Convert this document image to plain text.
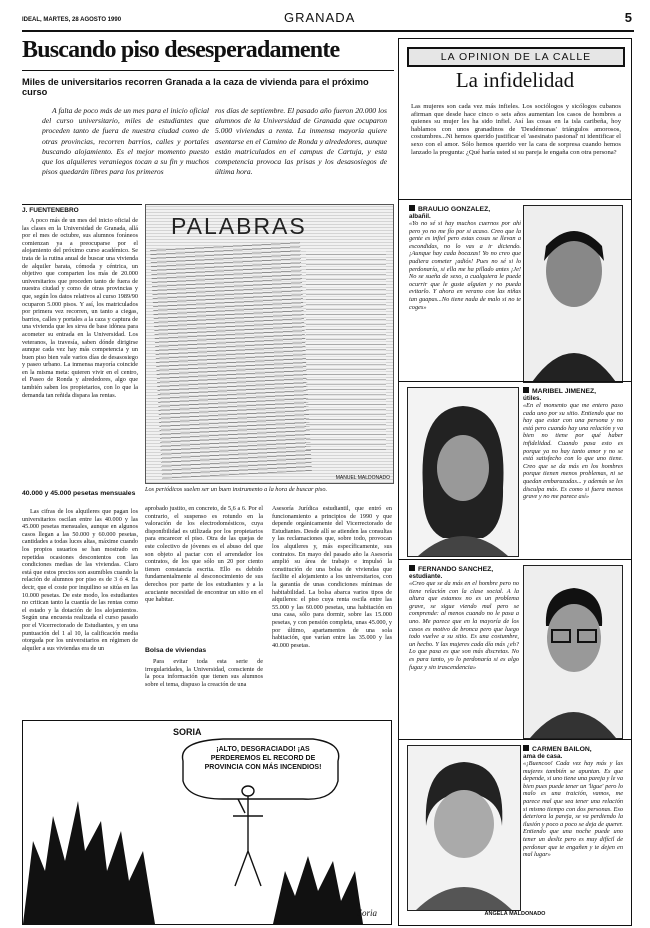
IDEAL, MARTES, 28 AGOSTO 1990	GRANADA	5
Buscando piso desesperadamente
Miles de universitarios recorren Granada a la caza de vivienda para el próximo curso
A falta de poco más de un mes para el inicio oficial del curso universitario, miles de estudiantes que proceden tanto de fuera de nuestra ciudad como de otras provincias, recorren barrios, calles y portales buscando alojamiento. Es el mejor momento puesto que los alquileres veraniegos tocan a su fin y muchos pisos quedarán libres para los primeros
ros días de septiembre. El pasado año fueron 20.000 los alumnos de la Universidad de Granada que ocuparon 5.000 viviendas a renta. La inmensa mayoría quiere asentarse en el Camino de Ronda y alrededores, aunque están matriculados en el campus de Cartuja, y esta competencia provoca las prisas y los desasosiegos de última hora.
J. FUENTENEBRO
A poco más de un mes del inicio oficial de las clases en la Universidad de Granada, allá por el mes de octubre, sus alumnos foráneos comienzan ya a preocuparse por el alojamiento del próximo curso académico. Se trata de la rutina anual de buscar una vivienda de alquiler barata, cómoda y céntrica, un objetivo que comparten los más de 20.000 universitarios que proceden tanto de fuera de nuestra ciudad y como de otras provincias y que, según los datos relativos al curso 1989/90 ocuparon 5.000 pisos. Y así, los matriculados por primera vez recorren, un tanto a ciegas, barrios, calles y portales a la caza y captura de una vivienda que les sirva de base idónea para acometer su entrada en la Universidad. Los veteranos, la travesía, saben dónde dirigirse aunque cada vez hay más competencia y un buen piso bien vale varios días de desasosiego y paseo urbano. La inmensa mayoría coincide en la misma meta: quieren vivir en el centro, el Paseo de Ronda y alrededores, algo que también saben los propietarios, con lo que la demanda tan reñida dispara las rentas.
40.000 y 45.000 pesetas mensuales
Las cifras de los alquileres que pagan los universitarios oscilan entre las 40.000 y las 45.000 pesetas mensuales, aunque en algunos casos llegan a las 50.000 y 60.000 pesetas, cantidades a todas luces altas, máxime cuando los propios usuarios se han mostrado en repetidas ocasiones descontentos con las condiciones medias de las viviendas. Claro está que estos precios son asumibles cuando la relación de alumnos por piso es de 3 ó 4. Es decir, que el coste por inquilino se sitúa en las 10.000 pesetas. De este modo, los estudiantes no critican tanto la cuantía de las rentas como el estado y la dotación de los alojamientos. Según una encuesta realizada el curso pasado por el Vicerrectorado de Estudiantes, y en una puntuación del 1 al 10, la calificación media otorgada por los universitarios en régimen de alquiler a sus viviendas era de un
PALABRAS
MANUEL MALDONADO
Los periódicos suelen ser un buen instrumento a la hora de buscar piso.
aprobado justito, en concreto, de 5,6 a 6. Por el contrario, el suspenso es rotundo en la valoración de los electrodomésticos, cuya disponibilidad es utilizada por los propietarios para encarecer el piso. Otra de las quejas de este colectivo de jóvenes es el abuso del que son objeto al pactar con el arrendador los contratos, de los que sólo un 20 por ciento tienen constancia escrita. Ello es debido fundamentalmente al desconocimiento de sus derechos por parte de los estudiantes y a la acuciante necesidad de encontrar un sitio en el que habitar.
Bolsa de viviendas
Para evitar toda esta serie de irregularidades, la Universidad, consciente de la poca información que tienen sus alumnos sobre el tema, dispuso la creación de una
Asesoría Jurídica estudiantil, que entró en funcionamiento a principios de 1990 y que depende orgánicamente del Vicerrectorado de Estudiantes. Desde allí se atienden las consultas y las reclamaciones que, sobre todo, provocan los alquileres y, más específicamente, sus contratos. En mayo del pasado año la Asesoría amplió su área de trabajo e impulsó la constitución de una bolsa de viviendas que facilite el alojamiento a los universitarios, con la garantía de unas condiciones mínimas de habitabilidad. La bolsa abarca varios tipos de alquileres: el piso cuya renta oscila entre las 55.000 y las 60.000 pesetas, una habitación en una casa, sólo para dormir, sobre las 15.000 pesetas, y con pensión completa, unas 45.000, y por último, apartamentos de una sola habitación, que varían entre las 35.000 y las 40.000 pesetas.
SORIA
¡ALTO, DESGRACIADO! ¡AS PERDEREMOS EL RECORD DE PROVINCIA CON MÁS INCENDIOS!
Soria
LA OPINION DE LA CALLE
La infidelidad
Las mujeres son cada vez más infieles. Los sociólogos y sicólogos cubanos afirman que desde hace cinco o seis años aumentan los casos de hombres a quienes su mujer les ha sido infiel. Así las cosas en la isla caribeña, hoy hablamos con unos granadinos de 'Desdémonas' triángulos amorosos, costumbres...Ni hemos querido justificar el 'asesinato pasional' ni identificar el sexo con el amor. Sólo hemos querido ver la cara de sorpresa cuando hemos lanzado la pregunta: ¿Qué haría usted si su pareja le engaña con otra persona?
BRAULIO GONZALEZ,
albañil.
«Yo no sé si hay muchos cuernos por ahí pero yo no me fío por si acaso. Creo que la gente es infiel pero estas cosas se llevan a escondidas, no lo vas a ir diciendo. ¡Aunque hay cada bocazas! Yo no creo que pudiera cometer ¡adiós! Pues no sé si lo perdonaría, si ella me ha pillado antes ¡Je! No se sueña de sexo, a cualquiera le puede ocurrir que le guste alguien y no pueda evitarlo. Y ahora en verano con las niñas tan guapas...No tiene nada de malo si no te coges»
MARIBEL JIMENEZ,
útiles.
«En el momento que me entero paso cada uno por su sitio. Entiendo que no hay que estar con una persona y no está pero cuando hay una relación y va bien no tiene por qué haber infidelidad. Cuando pasa esto es porque ya no hay tanto amor y no se está satisfecho con lo que uno tiene. Creo que se da más en los hombres porque tienen menos problemas, ni se quedan embarazadas... y además se les disculpa más. Es como si fuera menos grave y no me parece así»
FERNANDO SANCHEZ,
estudiante.
«Creo que se da más en el hombre pero no tiene relación con la clase social. A la altura que estamos no es un problema grave, se sigue viendo mal pero se comprende: al menos cuando no le pasa a uno. Me parece que en la mayoría de los casos es motivo de bronca pero que luego todo vuelve a su sitio. Es una costumbre, un hecho. Y las mujeres cada día más ¿eh? Lo que pasa es que son más discretas. No es para tanto, yo lo perdonaría si es algo fugaz y sin trascendencia»
CARMEN BAILON,
ama de casa.
«¡Buencoo! Cada vez hay más y las mujeres también se apuntan. Es que depende, si uno tiene una pareja y le va bien pues puede tener un 'ligue' pero lo malo es una traición, vamos, me parece mal que sea tener una relación si mismo tiempo con dos personas. Eso deteriora la pareja, se va perdiendo la ilusión y poco a poco se deja de querer. Entiendo que una noche puede uno tener un desliz pero es muy difícil de perdonar que te engañen y te dejen en mal lugar»
ANGELA MALDONADO
